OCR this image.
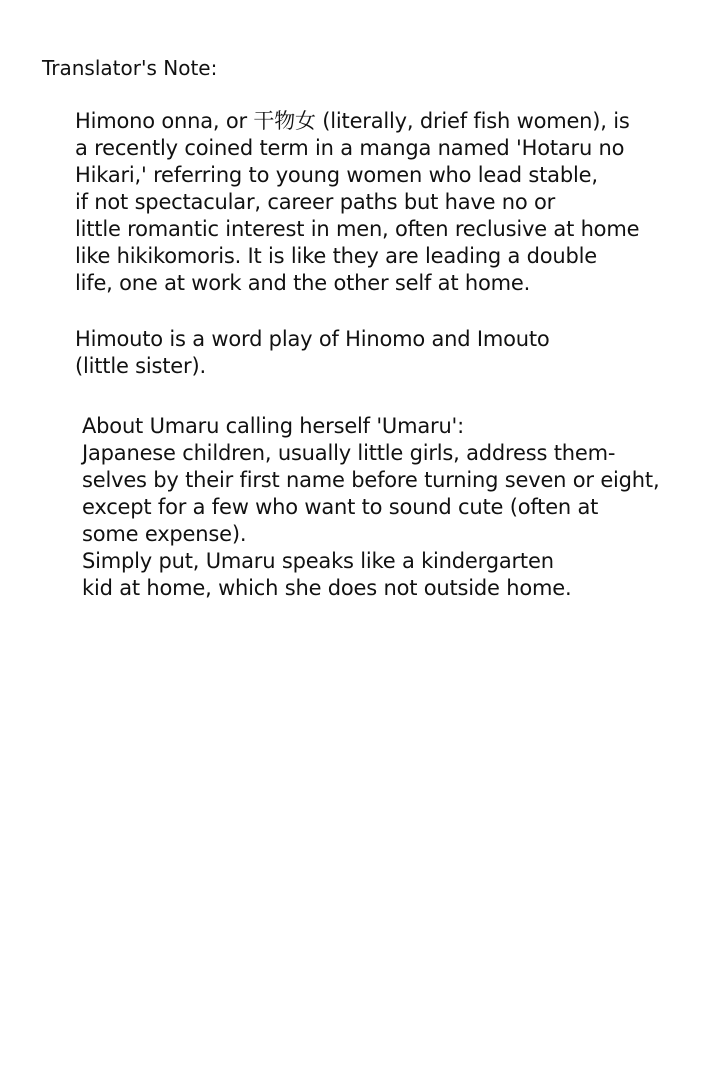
Translator's Note:

Himono onna, or 干物女 (literally, drief fish women), is
a recently coined term in a manga named 'Hotaru no
Hikari,' referring to young women who lead stable,
if not spectacular, career paths but have no or
little romantic interest in men, often reclusive at home
like hikikomoris. It is like they are leading a double
life, one at work and the other self at home.

Himouto is a word play of Hinomo and Imouto
(little sister).

About Umaru calling herself 'Umaru':
Japanese children, usually little girls, address them-
selves by their first name before turning seven or eight,
except for a few who want to sound cute (often at
some expense).
Simply put, Umaru speaks like a kindergarten
kid at home, which she does not outside home.
